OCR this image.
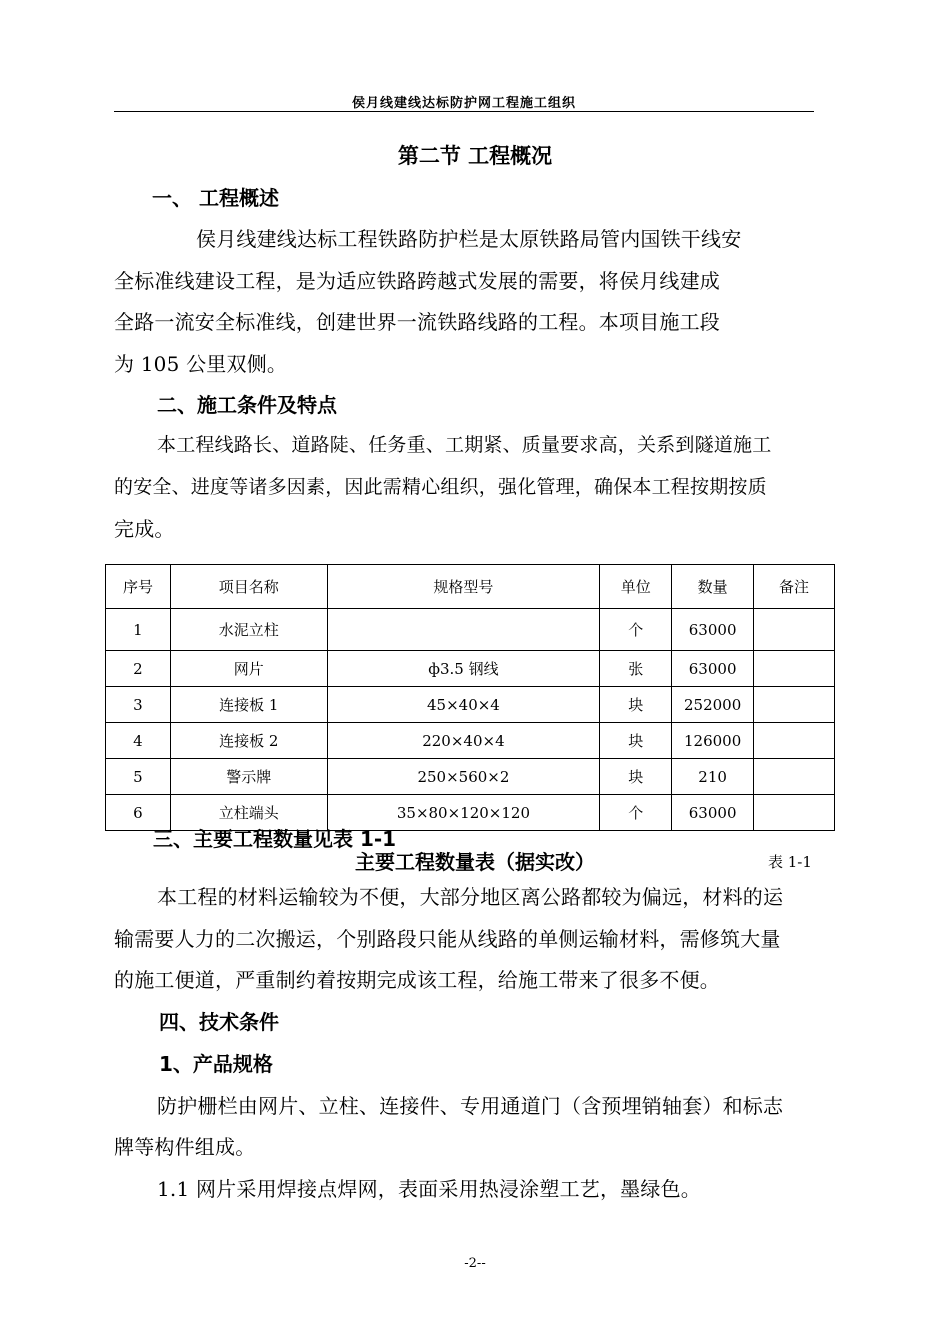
侯月线建线达标防护网工程施工组织
第二节 工程概况
一、 工程概述
侯月线建线达标工程铁路防护栏是太原铁路局管内国铁干线安
全标准线建设工程，是为适应铁路跨越式发展的需要，将侯月线建成
全路一流安全标准线，创建世界一流铁路线路的工程。本项目施工段
为 105 公里双侧。
二、施工条件及特点
本工程线路长、道路陡、任务重、工期紧、质量要求高，关系到隧道施工
的安全、进度等诸多因素，因此需精心组织，强化管理，确保本工程按期按质
完成。
序号	项目名称	规格型号	单位	数量	备注
1	水泥立柱		个	63000	
2	网片	ф3.5 钢线	张	63000	
3	连接板 1	45×40×4	块	252000	
4	连接板 2	220×40×4	块	126000	
5	警示牌	250×560×2	块	210	
6	立柱端头	35×80×120×120	个	63000	
三、主要工程数量见表 1-1
主要工程数量表（据实改）	表 1-1
本工程的材料运输较为不便，大部分地区离公路都较为偏远，材料的运
输需要人力的二次搬运，个别路段只能从线路的单侧运输材料，需修筑大量
的施工便道，严重制约着按期完成该工程，给施工带来了很多不便。
四、技术条件
1、产品规格
防护栅栏由网片、立柱、连接件、专用通道门（含预埋销轴套）和标志
牌等构件组成。
1.1 网片采用焊接点焊网，表面采用热浸涂塑工艺，墨绿色。
-2--
